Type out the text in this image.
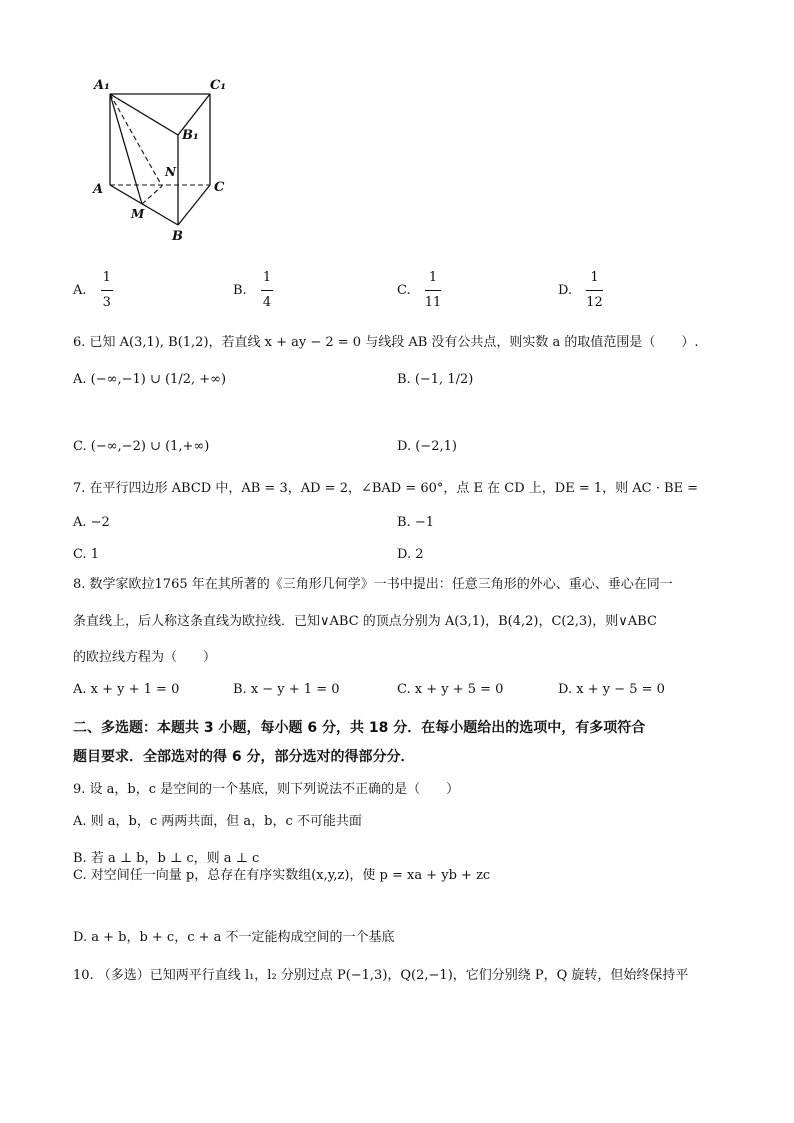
A₁	C₁
B₁
N
A	C
M
B
A. $\frac{1}{3}$	B. $\frac{1}{4}$	C. $\frac{1}{11}$	D. $\frac{1}{12}$
6. 已知 A(3,1), B(1,2)，若直线 x + ay − 2 = 0 与线段 AB 没有公共点，则实数 a 的取值范围是（　　）.
A. (−∞,−1) ∪ (1/2, +∞)	B. (−1, 1/2)
C. (−∞,−2) ∪ (1,+∞)	D. (−2,1)
7. 在平行四边形 ABCD 中，AB = 3，AD = 2，∠BAD = 60°，点 E 在 CD 上，DE = 1，则 AC · BE =
A. −2	B. −1
C. 1	D. 2
8. 数学家欧拉1765 年在其所著的《三角形几何学》一书中提出：任意三角形的外心、重心、垂心在同一
条直线上，后人称这条直线为欧拉线．已知∨ABC 的顶点分别为 A(3,1)，B(4,2)，C(2,3)，则∨ABC
的欧拉线方程为（　　）
A. x + y + 1 = 0	B. x − y + 1 = 0	C. x + y + 5 = 0	D. x + y − 5 = 0
二、多选题：本题共 3 小题，每小题 6 分，共 18 分．在每小题给出的选项中，有多项符合
题目要求．全部选对的得 6 分，部分选对的得部分分．
9. 设 a，b，c 是空间的一个基底，则下列说法不正确的是（　　）
A. 则 a，b，c 两两共面，但 a，b，c 不可能共面
B. 若 a ⊥ b，b ⊥ c，则 a ⊥ c
C. 对空间任一向量 p，总存在有序实数组(x,y,z)，使 p = xa + yb + zc
D. a + b，b + c，c + a 不一定能构成空间的一个基底
10. （多选）已知两平行直线 l₁，l₂ 分别过点 P(−1,3)，Q(2,−1)，它们分别绕 P，Q 旋转，但始终保持平
